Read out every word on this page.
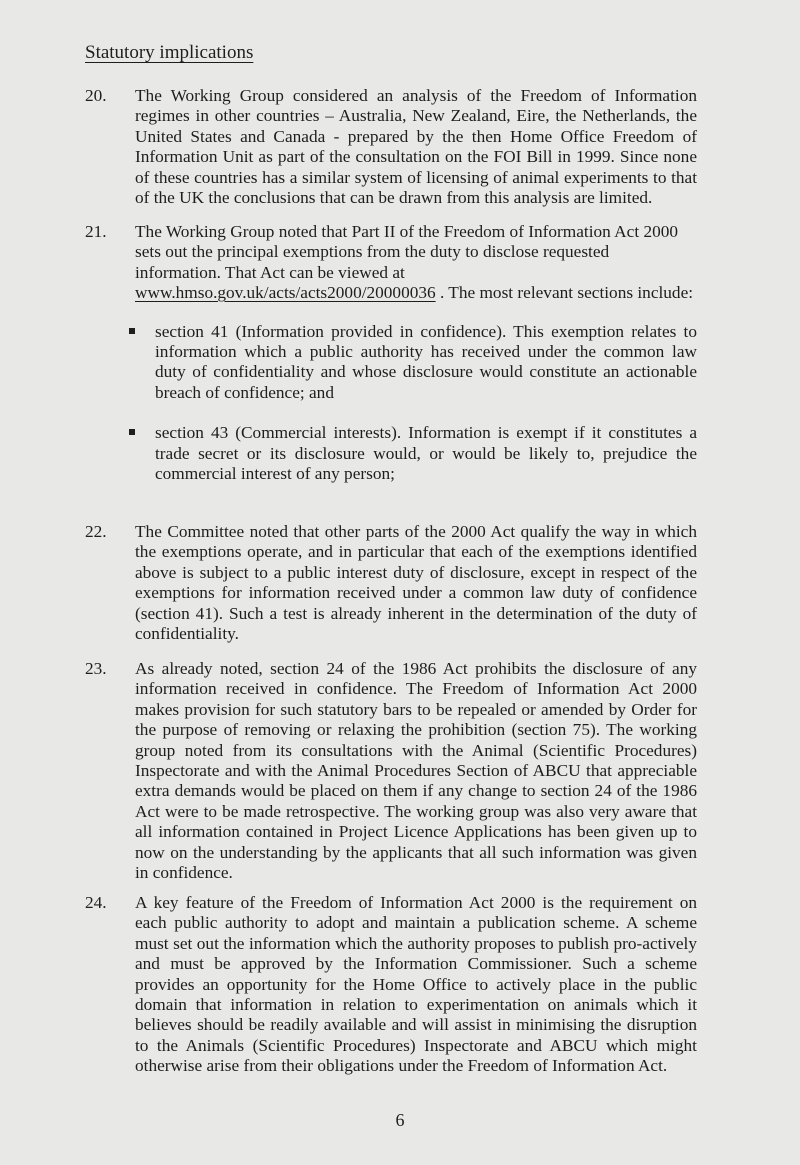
Statutory implications
20.	The Working Group considered an analysis of the Freedom of Information regimes in other countries – Australia, New Zealand, Eire, the Netherlands, the United States and Canada - prepared by the then Home Office Freedom of Information Unit as part of the consultation on the FOI Bill in 1999. Since none of these countries has a similar system of licensing of animal experiments to that of the UK the conclusions that can be drawn from this analysis are limited.
21.	The Working Group noted that Part II of the Freedom of Information Act 2000 sets out the principal exemptions from the duty to disclose requested information. That Act can be viewed at www.hmso.gov.uk/acts/acts2000/20000036 . The most relevant sections include:
section 41 (Information provided in confidence). This exemption relates to information which a public authority has received under the common law duty of confidentiality and whose disclosure would constitute an actionable breach of confidence; and
section 43 (Commercial interests). Information is exempt if it constitutes a trade secret or its disclosure would, or would be likely to, prejudice the commercial interest of any person;
22.	The Committee noted that other parts of the 2000 Act qualify the way in which the exemptions operate, and in particular that each of the exemptions identified above is subject to a public interest duty of disclosure, except in respect of the exemptions for information received under a common law duty of confidence (section 41). Such a test is already inherent in the determination of the duty of confidentiality.
23.	As already noted, section 24 of the 1986 Act prohibits the disclosure of any information received in confidence. The Freedom of Information Act 2000 makes provision for such statutory bars to be repealed or amended by Order for the purpose of removing or relaxing the prohibition (section 75). The working group noted from its consultations with the Animal (Scientific Procedures) Inspectorate and with the Animal Procedures Section of ABCU that appreciable extra demands would be placed on them if any change to section 24 of the 1986 Act were to be made retrospective. The working group was also very aware that all information contained in Project Licence Applications has been given up to now on the understanding by the applicants that all such information was given in confidence.
24.	A key feature of the Freedom of Information Act 2000 is the requirement on each public authority to adopt and maintain a publication scheme. A scheme must set out the information which the authority proposes to publish pro-actively and must be approved by the Information Commissioner. Such a scheme provides an opportunity for the Home Office to actively place in the public domain that information in relation to experimentation on animals which it believes should be readily available and will assist in minimising the disruption to the Animals (Scientific Procedures) Inspectorate and ABCU which might otherwise arise from their obligations under the Freedom of Information Act.
6
